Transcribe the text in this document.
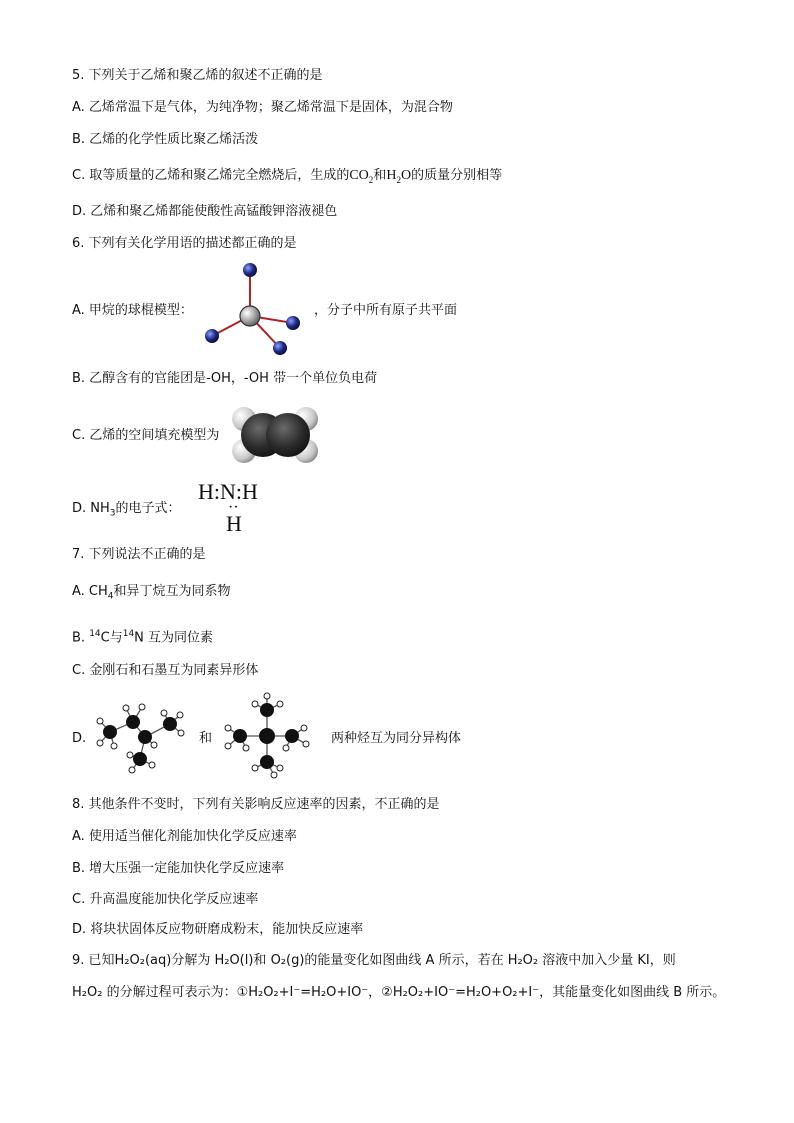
5. 下列关于乙烯和聚乙烯的叙述不正确的是
A. 乙烯常温下是气体，为纯净物；聚乙烯常温下是固体，为混合物
B. 乙烯的化学性质比聚乙烯活泼
C. 取等质量的乙烯和聚乙烯完全燃烧后，生成的$CO_2$和$H_2O$的质量分别相等
D. 乙烯和聚乙烯都能使酸性高锰酸钾溶液褪色
6. 下列有关化学用语的描述都正确的是
A. 甲烷的球棍模型：	，分子中所有原子共平面
B. 乙醇含有的官能团是-OH，-OH 带一个单位负电荷
C. 乙烯的空间填充模型为
D. $NH_3$的电子式：
H:N:H
··
H
7. 下列说法不正确的是
A. $CH_4$和异丁烷互为同系物
B. $^{14}$C与$^{14}$N 互为同位素
C. 金刚石和石墨互为同素异形体
D.	和	两种烃互为同分异构体
8. 其他条件不变时，下列有关影响反应速率的因素，不正确的是
A. 使用适当催化剂能加快化学反应速率
B. 增大压强一定能加快化学反应速率
C. 升高温度能加快化学反应速率
D. 将块状固体反应物研磨成粉末，能加快反应速率
9. 已知H₂O₂(aq)分解为 H₂O(l)和 O₂(g)的能量变化如图曲线 A 所示，若在 H₂O₂ 溶液中加入少量 KI，则
H₂O₂ 的分解过程可表示为：①H₂O₂+I⁻=H₂O+IO⁻，②H₂O₂+IO⁻=H₂O+O₂+I⁻，其能量变化如图曲线 B 所示。
